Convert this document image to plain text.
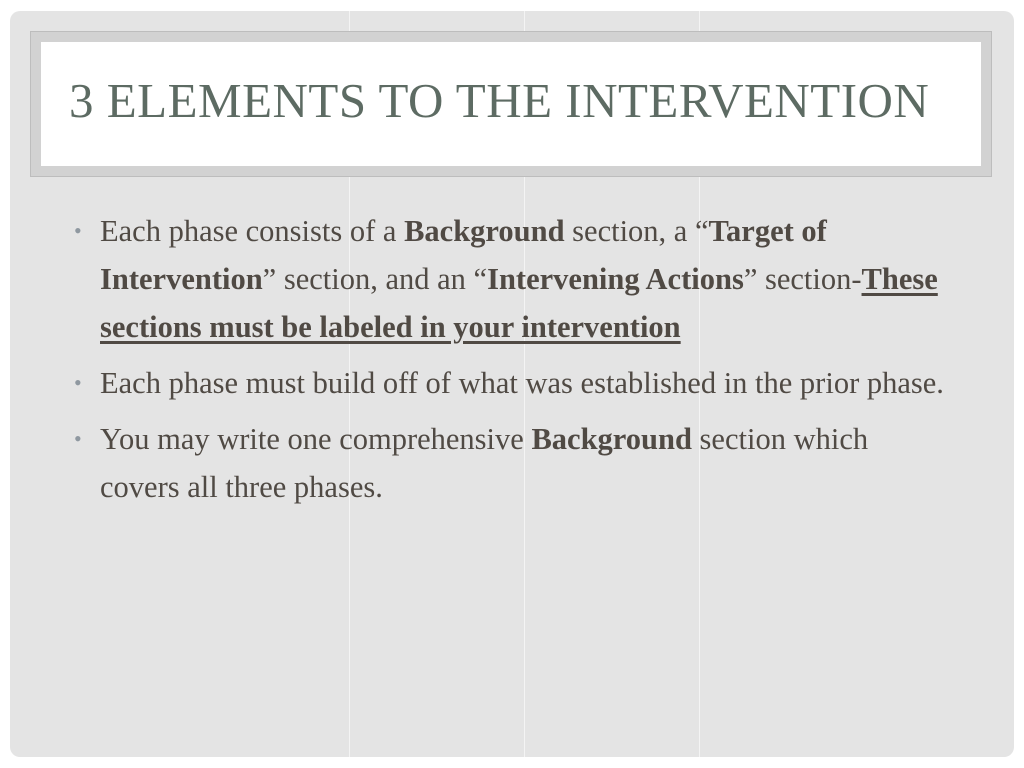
3 ELEMENTS TO THE INTERVENTION
• Each phase consists of a Background section, a “Target of Intervention” section, and an “Intervening Actions” section-These sections must be labeled in your intervention
• Each phase must build off of what was established in the prior phase.
• You may write one comprehensive Background section which covers all three phases.
